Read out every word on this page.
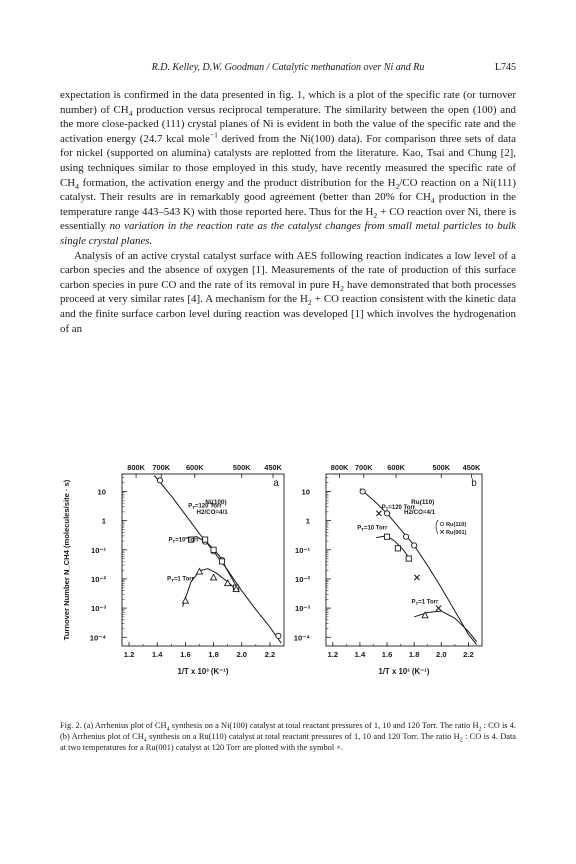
R.D. Kelley, D.W. Goodman / Catalytic methanation over Ni and Ru	L745

expectation is confirmed in the data presented in fig. 1, which is a plot of the specific rate (or turnover number) of $CH_4$ production versus reciprocal temperature. The similarity between the open (100) and the more close-packed (111) crystal planes of Ni is evident in both the value of the specific rate and the activation energy (24.7 kcal mole$^{-1}$ derived from the Ni(100) data). For comparison three sets of data for nickel (supported on alumina) catalysts are replotted from the literature. Kao, Tsai and Chung [2], using techniques similar to those employed in this study, have recently measured the specific rate of $CH_4$ formation, the activation energy and the product distribution for the $H_2/CO$ reaction on a Ni(111) catalyst. Their results are in remarkably good agreement (better than 20% for $CH_4$ production in the temperature range 443–543 K) with those reported here. Thus for the $H_2$ + CO reaction over Ni, there is essentially no variation in the reaction rate as the catalyst changes from small metal particles to bulk single crystal planes.

Analysis of an active crystal catalyst surface with AES following reaction indicates a low level of a carbon species and the absence of oxygen [1]. Measurements of the rate of production of this surface carbon species in pure CO and the rate of its removal in pure $H_2$ have demonstrated that both processes proceed at very similar rates [4]. A mechanism for the $H_2$ + CO reaction consistent with the kinetic data and the finite surface carbon level during reaction was developed [1] which involves the hydrogenation of an

1.2 1.4 1.6 1.8 2.0 2.2
800K 700K 600K	500K 450K
10
1
10⁻¹
10⁻²
10⁻³
10⁻⁴
1/T x 10³ (K⁻¹)
a
Ni(100)
H2/CO=4/1
$P_T=120$ Torr
$P_T=10$ Torr
$P_T=1$ Torr
Turnover Number N_CH4 (molecules/site · s)
1.2 1.4 1.6 1.8 2.0 2.2
800K 700K 600K	500K 450K
10
1
10⁻¹
10⁻²
10⁻³
10⁻⁴
1/T x 10³ (K⁻¹)
b
Ru(110)
H2/CO=4/1
$P_T=120$ Torr
$P_T=10$ Torr
$P_T=1$ Torr
Ru(110)
Ru(001)
Fig. 2. (a) Arrhenius plot of $CH_4$ synthesis on a Ni(100) catalyst at total reactant pressures of 1, 10 and 120 Torr. The ratio $H_2$ : CO is 4. (b) Arrhenius plot of $CH_4$ synthesis on a Ru(110) catalyst at total reactant pressures of 1, 10 and 120 Torr. The ratio $H_2$ : CO is 4. Data at two temperatures for a Ru(001) catalyst at 120 Torr are plotted with the symbol ×.
